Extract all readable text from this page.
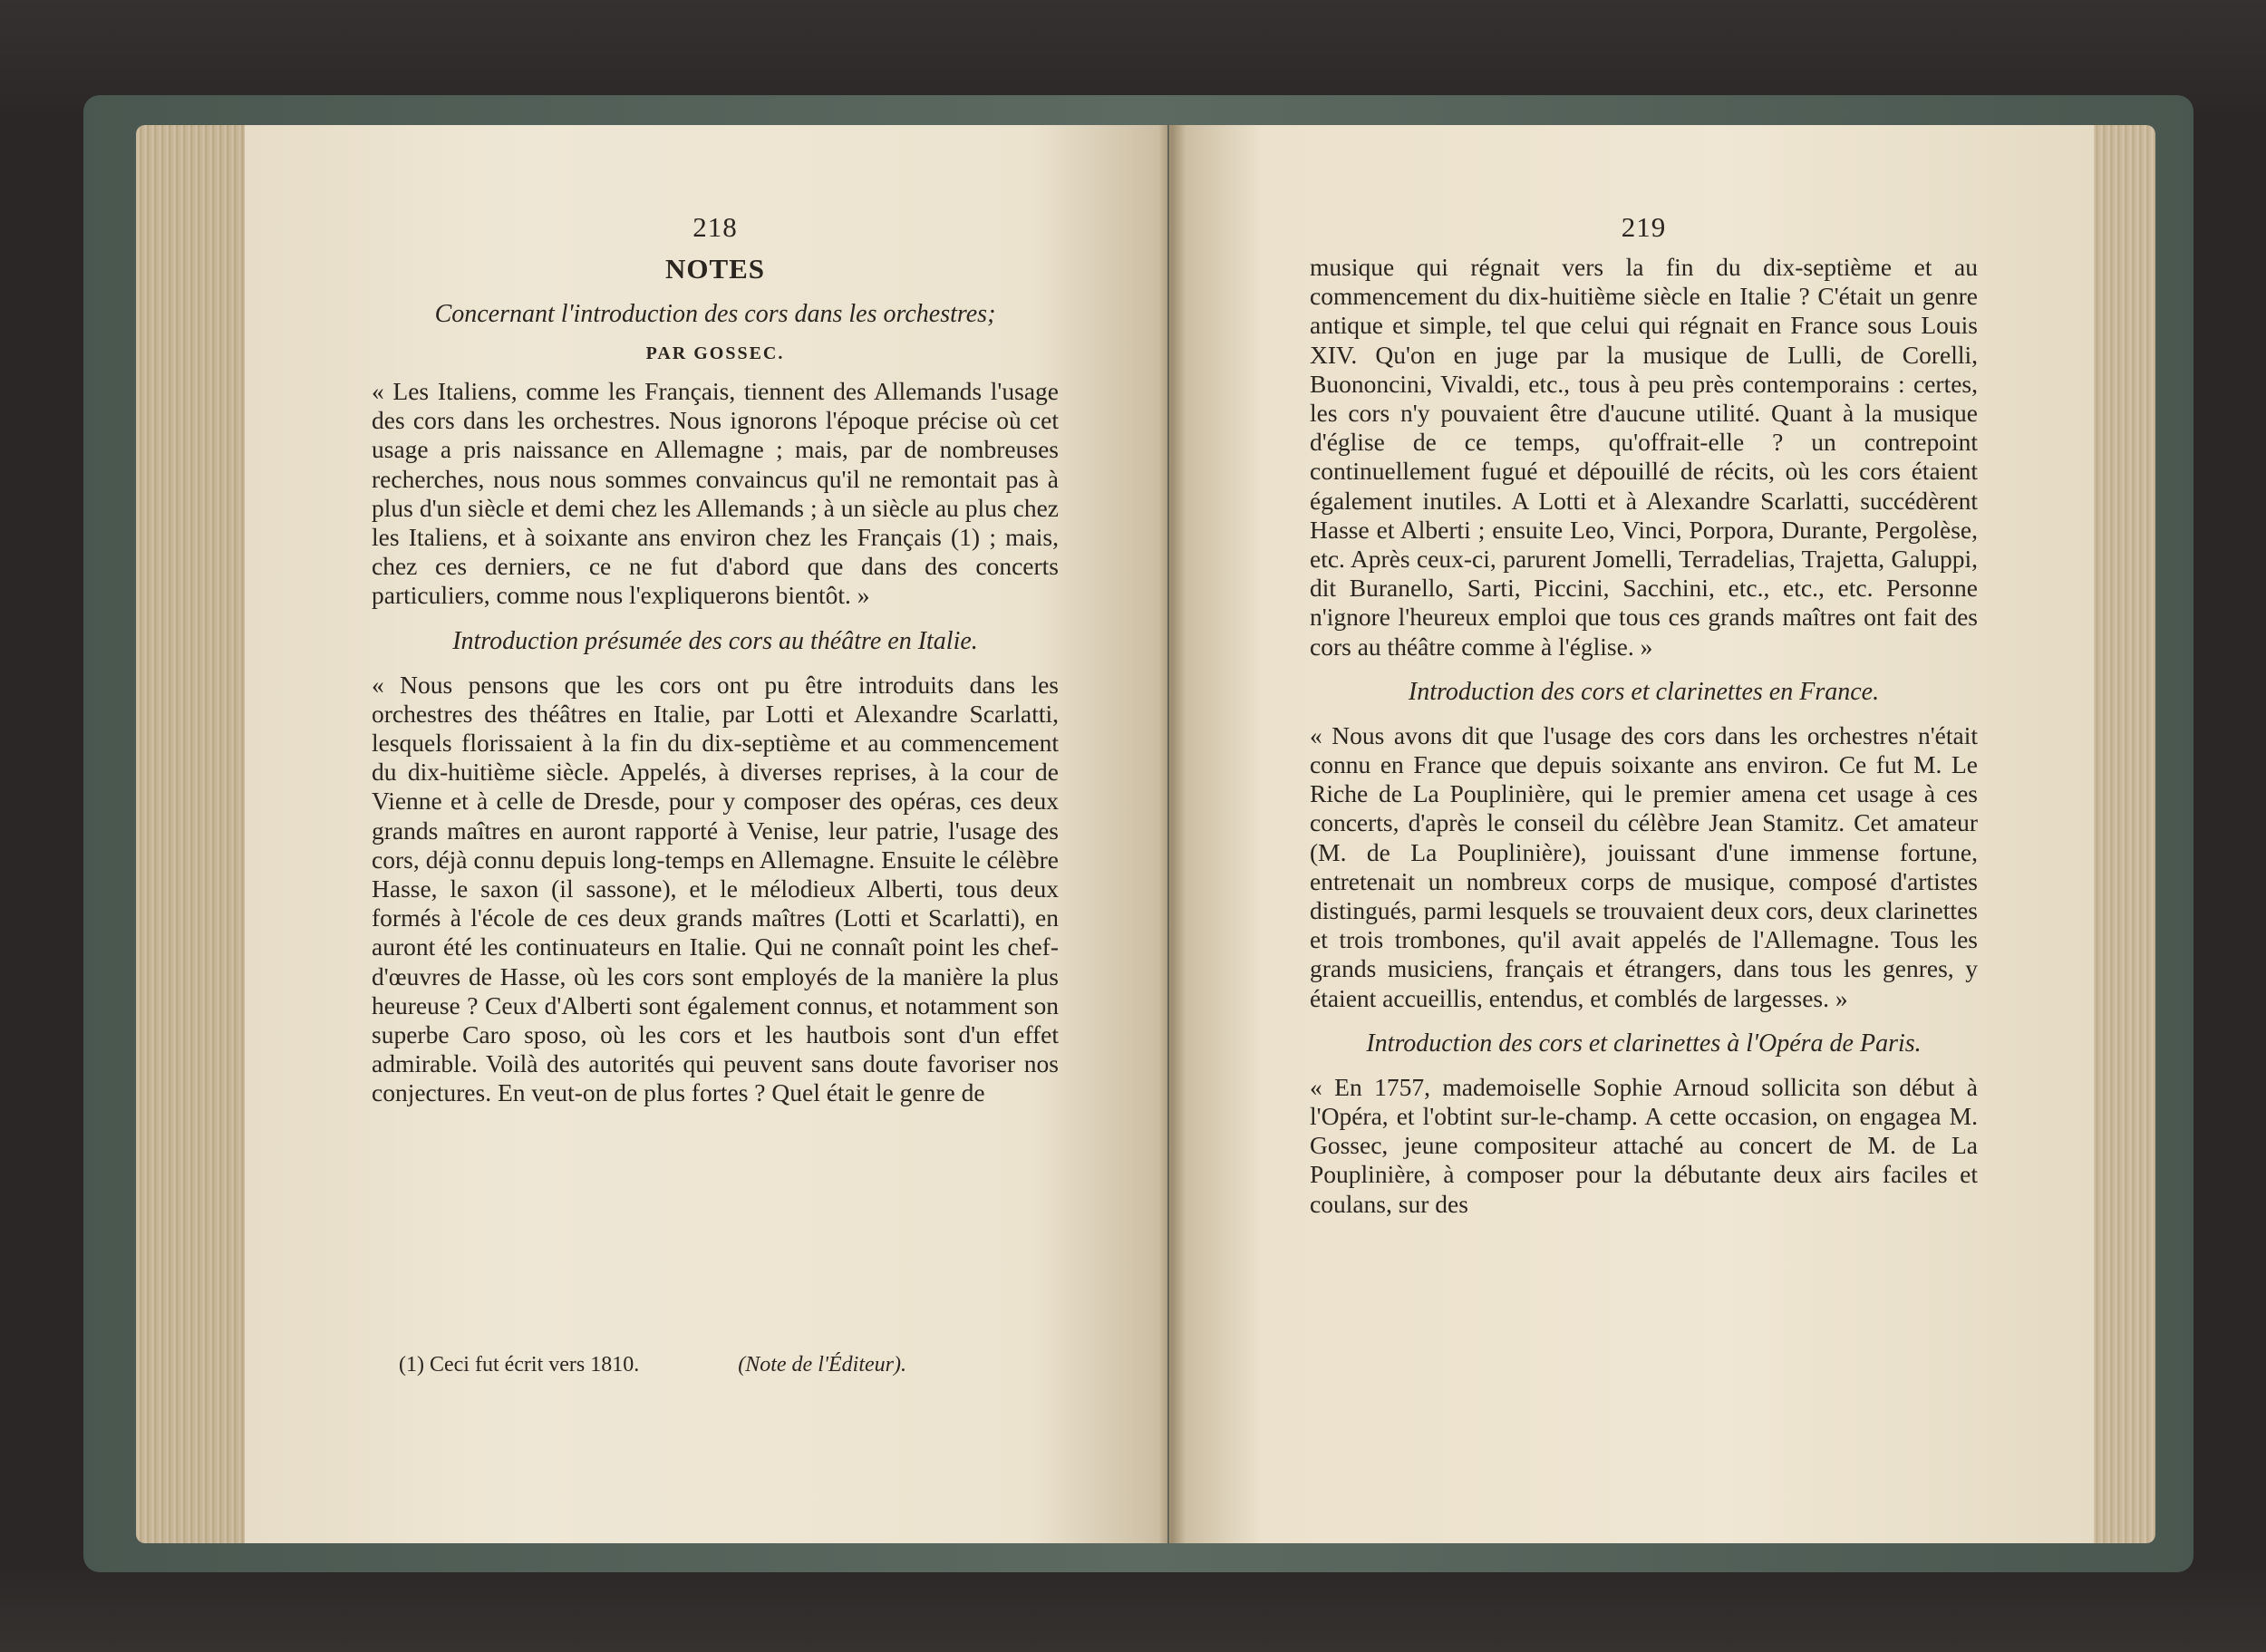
218
NOTES
Concernant l'introduction des cors dans les orchestres;
PAR GOSSEC.

« Les Italiens, comme les Français, tiennent des Allemands l'usage des cors dans les orchestres. Nous ignorons l'époque précise où cet usage a pris naissance en Allemagne ; mais, par de nombreuses recherches, nous nous sommes convaincus qu'il ne remontait pas à plus d'un siècle et demi chez les Allemands ; à un siècle au plus chez les Italiens, et à soixante ans environ chez les Français (1) ; mais, chez ces derniers, ce ne fut d'abord que dans des concerts particuliers, comme nous l'expliquerons bientôt. »

Introduction présumée des cors au théâtre en Italie.

« Nous pensons que les cors ont pu être introduits dans les orchestres des théâtres en Italie, par Lotti et Alexandre Scarlatti, lesquels florissaient à la fin du dix-septième et au commencement du dix-huitième siècle. Appelés, à diverses reprises, à la cour de Vienne et à celle de Dresde, pour y composer des opéras, ces deux grands maîtres en auront rapporté à Venise, leur patrie, l'usage des cors, déjà connu depuis long-temps en Allemagne. Ensuite le célèbre Hasse, le saxon (il sassone), et le mélodieux Alberti, tous deux formés à l'école de ces deux grands maîtres (Lotti et Scarlatti), en auront été les continuateurs en Italie. Qui ne connaît point les chef-d'œuvres de Hasse, où les cors sont employés de la manière la plus heureuse ? Ceux d'Alberti sont également connus, et notamment son superbe Caro sposo, où les cors et les hautbois sont d'un effet admirable. Voilà des autorités qui peuvent sans doute favoriser nos conjectures. En veut-on de plus fortes ? Quel était le genre de

(1) Ceci fut écrit vers 1810.	(Note de l'Éditeur).
219

musique qui régnait vers la fin du dix-septième et au commencement du dix-huitième siècle en Italie ? C'était un genre antique et simple, tel que celui qui régnait en France sous Louis XIV. Qu'on en juge par la musique de Lulli, de Corelli, Buononcini, Vivaldi, etc., tous à peu près contemporains : certes, les cors n'y pouvaient être d'aucune utilité. Quant à la musique d'église de ce temps, qu'offrait-elle ? un contrepoint continuellement fugué et dépouillé de récits, où les cors étaient également inutiles. A Lotti et à Alexandre Scarlatti, succédèrent Hasse et Alberti ; ensuite Leo, Vinci, Porpora, Durante, Pergolèse, etc. Après ceux-ci, parurent Jomelli, Terradelias, Trajetta, Galuppi, dit Buranello, Sarti, Piccini, Sacchini, etc., etc., etc. Personne n'ignore l'heureux emploi que tous ces grands maîtres ont fait des cors au théâtre comme à l'église. »

Introduction des cors et clarinettes en France.

« Nous avons dit que l'usage des cors dans les orchestres n'était connu en France que depuis soixante ans environ. Ce fut M. Le Riche de La Pouplinière, qui le premier amena cet usage à ces concerts, d'après le conseil du célèbre Jean Stamitz. Cet amateur (M. de La Pouplinière), jouissant d'une immense fortune, entretenait un nombreux corps de musique, composé d'artistes distingués, parmi lesquels se trouvaient deux cors, deux clarinettes et trois trombones, qu'il avait appelés de l'Allemagne. Tous les grands musiciens, français et étrangers, dans tous les genres, y étaient accueillis, entendus, et comblés de largesses. »

Introduction des cors et clarinettes à l'Opéra de Paris.

« En 1757, mademoiselle Sophie Arnoud sollicita son début à l'Opéra, et l'obtint sur-le-champ. A cette occasion, on engagea M. Gossec, jeune compositeur attaché au concert de M. de La Pouplinière, à composer pour la débutante deux airs faciles et coulans, sur des
